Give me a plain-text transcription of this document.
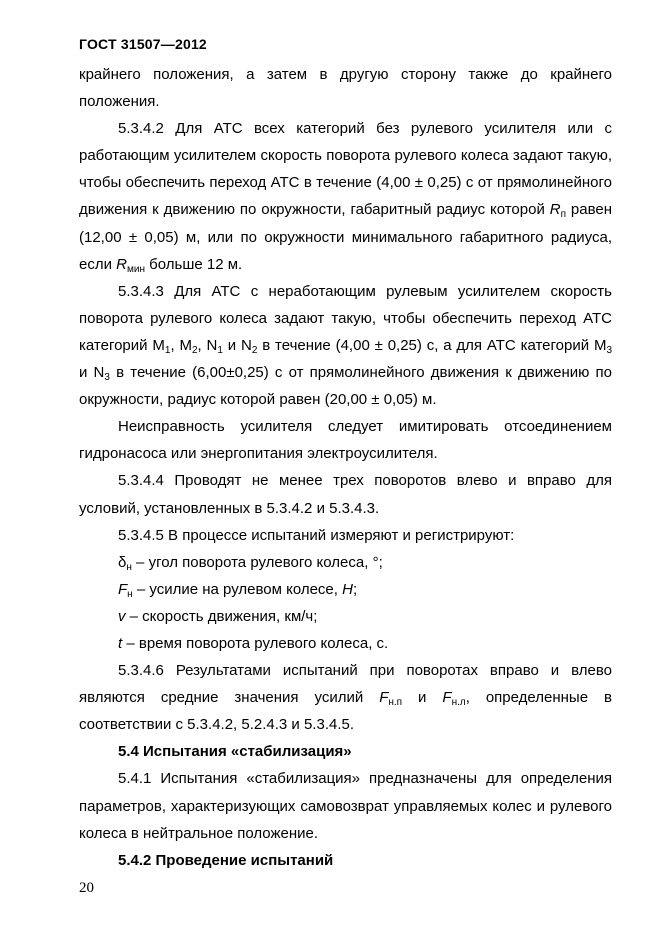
ГОСТ 31507—2012

крайнего положения, а затем в другую сторону также до крайнего положения.

5.3.4.2 Для АТС всех категорий без рулевого усилителя или с работающим усилителем скорость поворота рулевого колеса задают такую, чтобы обеспечить переход АТС в течение (4,00 ± 0,25) с от прямолинейного движения к движению по окружности, габаритный радиус которой $R_п$ равен (12,00 ± 0,05) м, или по окружности минимального габаритного радиуса, если $R_{мин}$ больше 12 м.

5.3.4.3 Для АТС с неработающим рулевым усилителем скорость поворота рулевого колеса задают такую, чтобы обеспечить переход АТС категорий $М_1$, $М_2$, $N_1$ и $N_2$ в течение (4,00 ± 0,25) с, а для АТС категорий $М_3$ и $N_3$ в течение (6,00±0,25) с от прямолинейного движения к движению по окружности, радиус которой равен (20,00 ± 0,05) м.

Неисправность усилителя следует имитировать отсоединением гидронасоса или энергопитания электроусилителя.

5.3.4.4 Проводят не менее трех поворотов влево и вправо для условий, установленных в 5.3.4.2 и 5.3.4.3.

5.3.4.5 В процессе испытаний измеряют и регистрируют:

$\delta_н$ – угол поворота рулевого колеса, °;

$F_н$ – усилие на рулевом колесе, Н;

v – скорость движения, км/ч;

t – время поворота рулевого колеса, с.

5.3.4.6 Результатами испытаний при поворотах вправо и влево являются средние значения усилий $F_{н.п}$ и $F_{н.л}$, определенные в соответствии с 5.3.4.2, 5.2.4.3 и 5.3.4.5.

5.4 Испытания «стабилизация»

5.4.1 Испытания «стабилизация» предназначены для определения параметров, характеризующих самовозврат управляемых колес и рулевого колеса в нейтральное положение.

5.4.2 Проведение испытаний

20
